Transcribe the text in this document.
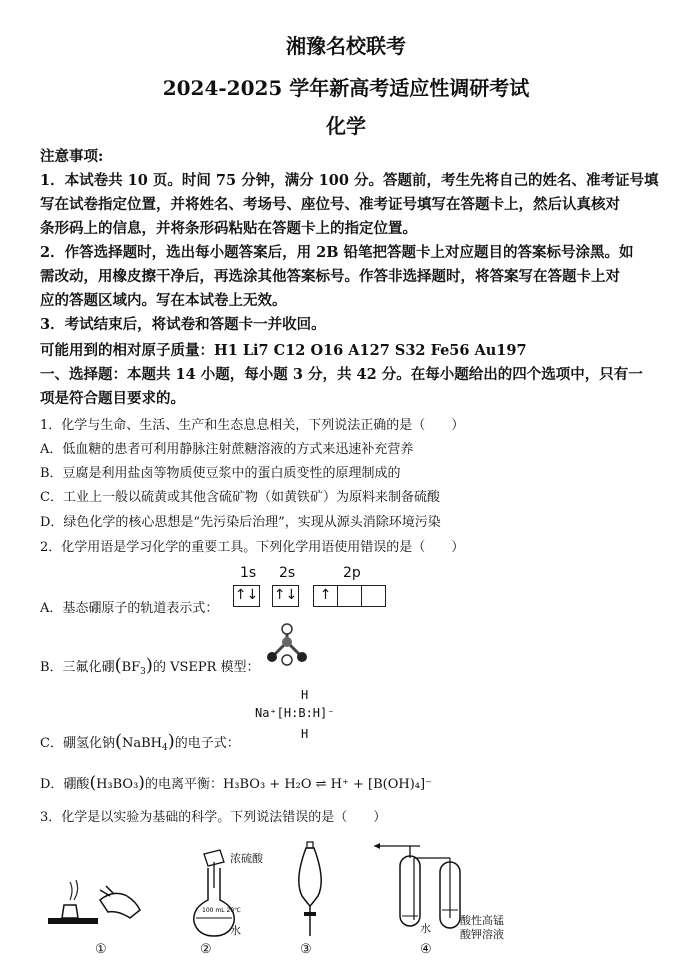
湘豫名校联考
2024-2025 学年新高考适应性调研考试
化学
注意事项:
1．本试卷共 10 页。时间 75 分钟，满分 100 分。答题前，考生先将自己的姓名、准考证号填
写在试卷指定位置，并将姓名、考场号、座位号、准考证号填写在答题卡上，然后认真核对
条形码上的信息，并将条形码粘贴在答题卡上的指定位置。
2．作答选择题时，选出每小题答案后，用 2B 铅笔把答题卡上对应题目的答案标号涂黑。如
需改动，用橡皮擦干净后，再选涂其他答案标号。作答非选择题时，将答案写在答题卡上对
应的答题区域内。写在本试卷上无效。
3．考试结束后，将试卷和答题卡一并收回。
可能用到的相对原子质量：H1 Li7 C12 O16 A127 S32 Fe56 Au197
一、选择题：本题共 14 小题，每小题 3 分，共 42 分。在每小题给出的四个选项中，只有一
项是符合题目要求的。
1．化学与生命、生活、生产和生态息息相关，下列说法正确的是（　　）
A．低血糖的患者可利用静脉注射蔗糖溶液的方式来迅速补充营养
B．豆腐是利用盐卤等物质使豆浆中的蛋白质变性的原理制成的
C．工业上一般以硫黄或其他含硫矿物（如黄铁矿）为原料来制备硫酸
D．绿色化学的核心思想是“先污染后治理”，实现从源头消除环境污染
2．化学用语是学习化学的重要工具。下列化学用语使用错误的是（　　）
A．基态硼原子的轨道表示式：
1s 2s	2p
↑↓ ↑↓	↑
B．三氟化硼$(BF_3)$的 VSEPR 模型：
C．硼氢化钠(NaBH$_4$)的电子式：
H
Na⁺[H:B:H]⁻
H
D．硼酸(H₃BO₃)的电离平衡：H₃BO₃ + H₂O ⇌ H⁺ + [B(OH)₄]⁻
3．化学是以实验为基础的科学。下列说法错误的是（　　）
①
100 mL 20℃
浓硫酸
水
②	③
水
酸性高锰
酸钾溶液
④
